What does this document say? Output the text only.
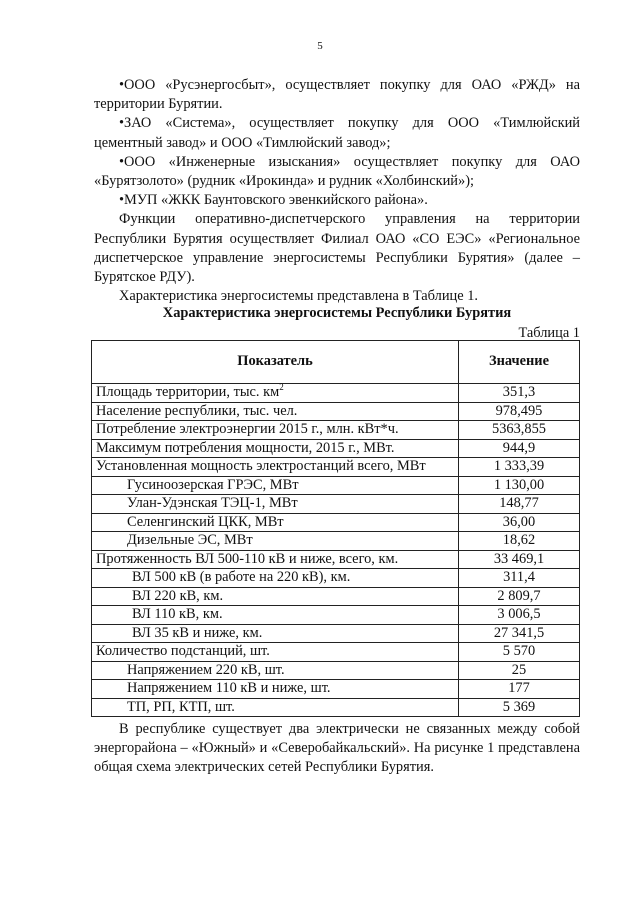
5

•ООО «Русэнергосбыт», осуществляет покупку для ОАО «РЖД» на территории Бурятии.

•ЗАО «Система», осуществляет покупку для ООО «Тимлюйский цементный завод» и ООО «Тимлюйский завод»;

•ООО «Инженерные изыскания» осуществляет покупку для ОАО «Бурятзолото» (рудник «Ирокинда» и рудник «Холбинский»);

•МУП «ЖКК Баунтовского эвенкийского района».

Функции оперативно-диспетчерского управления на территории Республики Бурятия осуществляет Филиал ОАО «СО ЕЭС» «Региональное диспетчерское управление энергосистемы Республики Бурятия» (далее – Бурятское РДУ).

Характеристика энергосистемы представлена в Таблице 1.

Характеристика энергосистемы Республики Бурятия
Таблица 1
Показатель	Значение
Площадь территории, тыс. $км^2$	351,3
Население республики, тыс. чел.	978,495
Потребление электроэнергии 2015 г., млн. кВт*ч.	5363,855
Максимум потребления мощности, 2015 г., МВт.	944,9
Установленная мощность электростанций всего, МВт	1 333,39
Гусиноозерская ГРЭС, МВт	1 130,00
Улан-Удэнская ТЭЦ-1, МВт	148,77
Селенгинский ЦКК, МВт	36,00
Дизельные ЭС, МВт	18,62
Протяженность ВЛ 500-110 кВ и ниже, всего, км.	33 469,1
ВЛ 500 кВ (в работе на 220 кВ), км.	311,4
ВЛ 220 кВ, км.	2 809,7
ВЛ 110 кВ, км.	3 006,5
ВЛ 35 кВ и ниже, км.	27 341,5
Количество подстанций, шт.	5 570
Напряжением 220 кВ, шт.	25
Напряжением 110 кВ и ниже, шт.	177
ТП, РП, КТП, шт.	5 369

В республике существует два электрически не связанных между собой энергорайона – «Южный» и «Северобайкальский». На рисунке 1 представлена общая схема электрических сетей Республики Бурятия.
